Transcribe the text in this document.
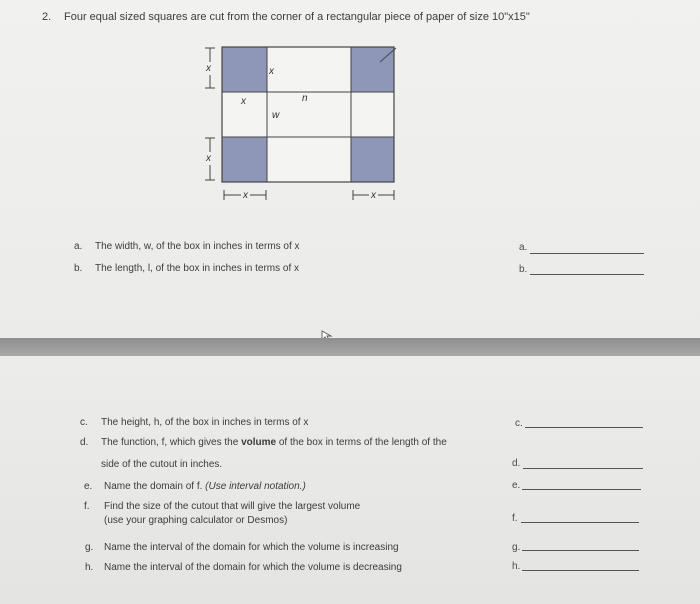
2. Four equal sized squares are cut from the corner of a rectangular piece of paper of size 10"x15"
x
x
x	x
x
x
w
n
a. The width, w, of the box in inches in terms of x	a.
b. The length, l, of the box in inches in terms of x	b.
c. The height, h, of the box in inches in terms of x	c.
d. The function, f, which gives the volume of the box in terms of the length of the
side of the cutout in inches.	d.
e. Name the domain of f. (Use interval notation.)	e.
f. Find the size of the cutout that will give the largest volume
(use your graphing calculator or Desmos)	f.
g. Name the interval of the domain for which the volume is increasing	g.
h. Name the interval of the domain for which the volume is decreasing	h.
